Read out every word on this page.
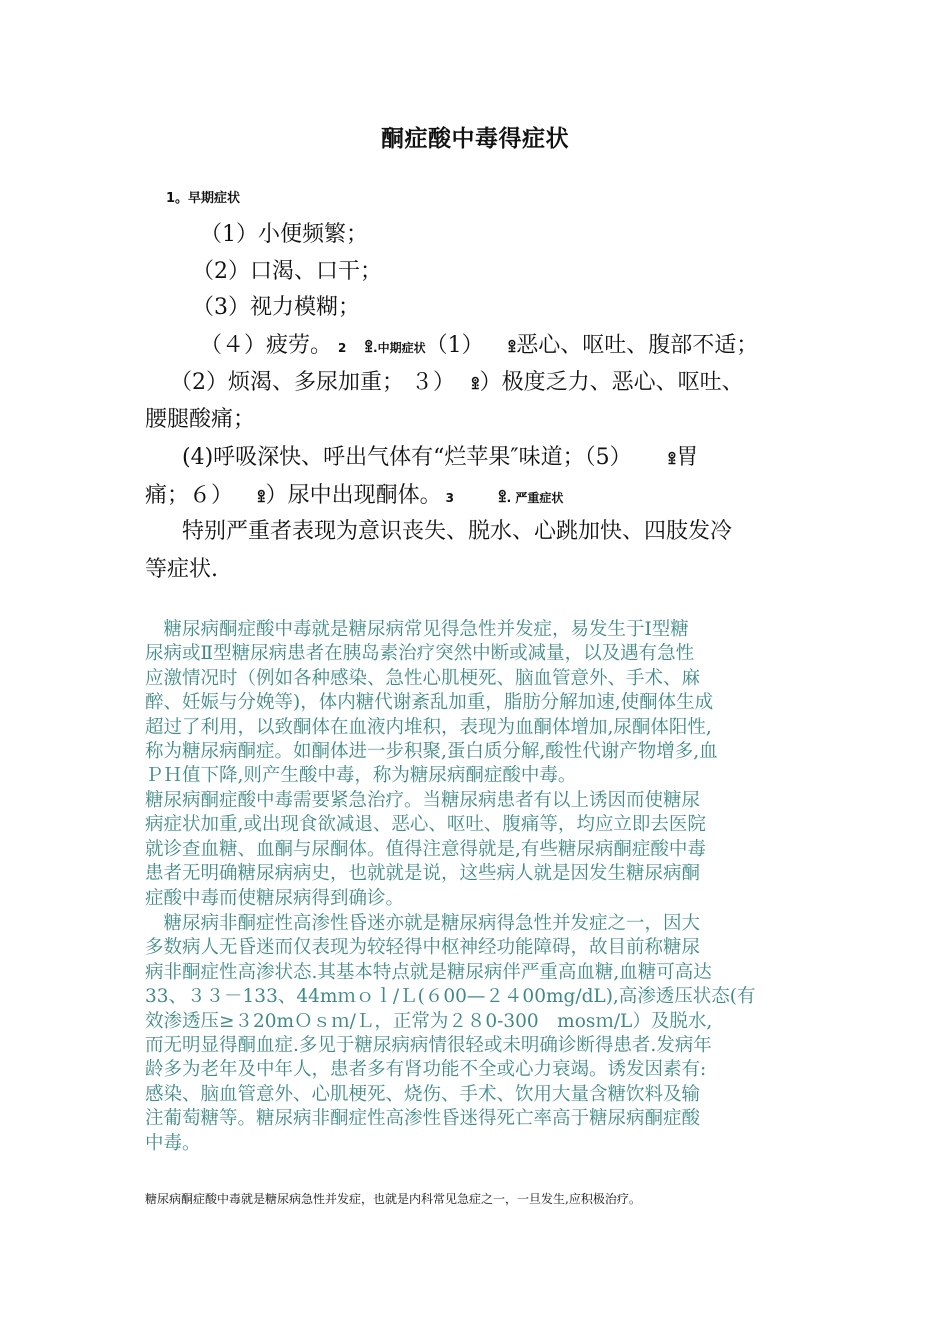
酮症酸中毒得症状
1。早期症状
（1）小便频繁；
（2）口渴、口干；
（3）视力模糊；
（４）疲劳。 2 ꖵ.中期症状（1） ꖵ恶心、呕吐、腹部不适；
（2）烦渴、多尿加重； ３） ꖵ）极度乏力、恶心、呕吐、
腰腿酸痛；
(4)呼吸深快、呼出气体有“烂苹果″味道；（5） ꖵ胃
痛；６） ꖵ）尿中出现酮体。 3	ꖵ. 严重症状
特别严重者表现为意识丧失、脱水、心跳加快、四肢发冷
等症状.
　糖尿病酮症酸中毒就是糖尿病常见得急性并发症，易发生于Ⅰ型糖
尿病或Ⅱ型糖尿病患者在胰岛素治疗突然中断或减量，以及遇有急性
应激情况时（例如各种感染、急性心肌梗死、脑血管意外、手术、麻
醉、妊娠与分娩等)，体内糖代谢紊乱加重，脂肪分解加速,使酮体生成
超过了利用，以致酮体在血液内堆积，表现为血酮体增加,尿酮体阳性,
称为糖尿病酮症。如酮体进一步积聚,蛋白质分解,酸性代谢产物增多,血
ＰＨ值下降,则产生酸中毒，称为糖尿病酮症酸中毒。
糖尿病酮症酸中毒需要紧急治疗。当糖尿病患者有以上诱因而使糖尿
病症状加重,或出现食欲减退、恶心、呕吐、腹痛等，均应立即去医院
就诊查血糖、血酮与尿酮体。值得注意得就是,有些糖尿病酮症酸中毒
患者无明确糖尿病病史，也就就是说，这些病人就是因发生糖尿病酮
症酸中毒而使糖尿病得到确诊。
　糖尿病非酮症性高渗性昏迷亦就是糖尿病得急性并发症之一，因大
多数病人无昏迷而仅表现为较轻得中枢神经功能障碍，故目前称糖尿
病非酮症性高渗状态.其基本特点就是糖尿病伴严重高血糖,血糖可高达
33、３３－133、44mｍｏｌ/Ｌ(６00—２４00mg/dL),高渗透压状态(有
效渗透压≥３20mＯｓｍ/Ｌ，正常为２８0-300　mosｍ/L）及脱水,
而无明显得酮血症.多见于糖尿病病情很轻或未明确诊断得患者.发病年
龄多为老年及中年人，患者多有肾功能不全或心力衰竭。诱发因素有:
感染、脑血管意外、心肌梗死、烧伤、手术、饮用大量含糖饮料及输
注葡萄糖等。糖尿病非酮症性高渗性昏迷得死亡率高于糖尿病酮症酸
中毒。
糖尿病酮症酸中毒就是糖尿病急性并发症，也就是内科常见急症之一，一旦发生,应积极治疗。
